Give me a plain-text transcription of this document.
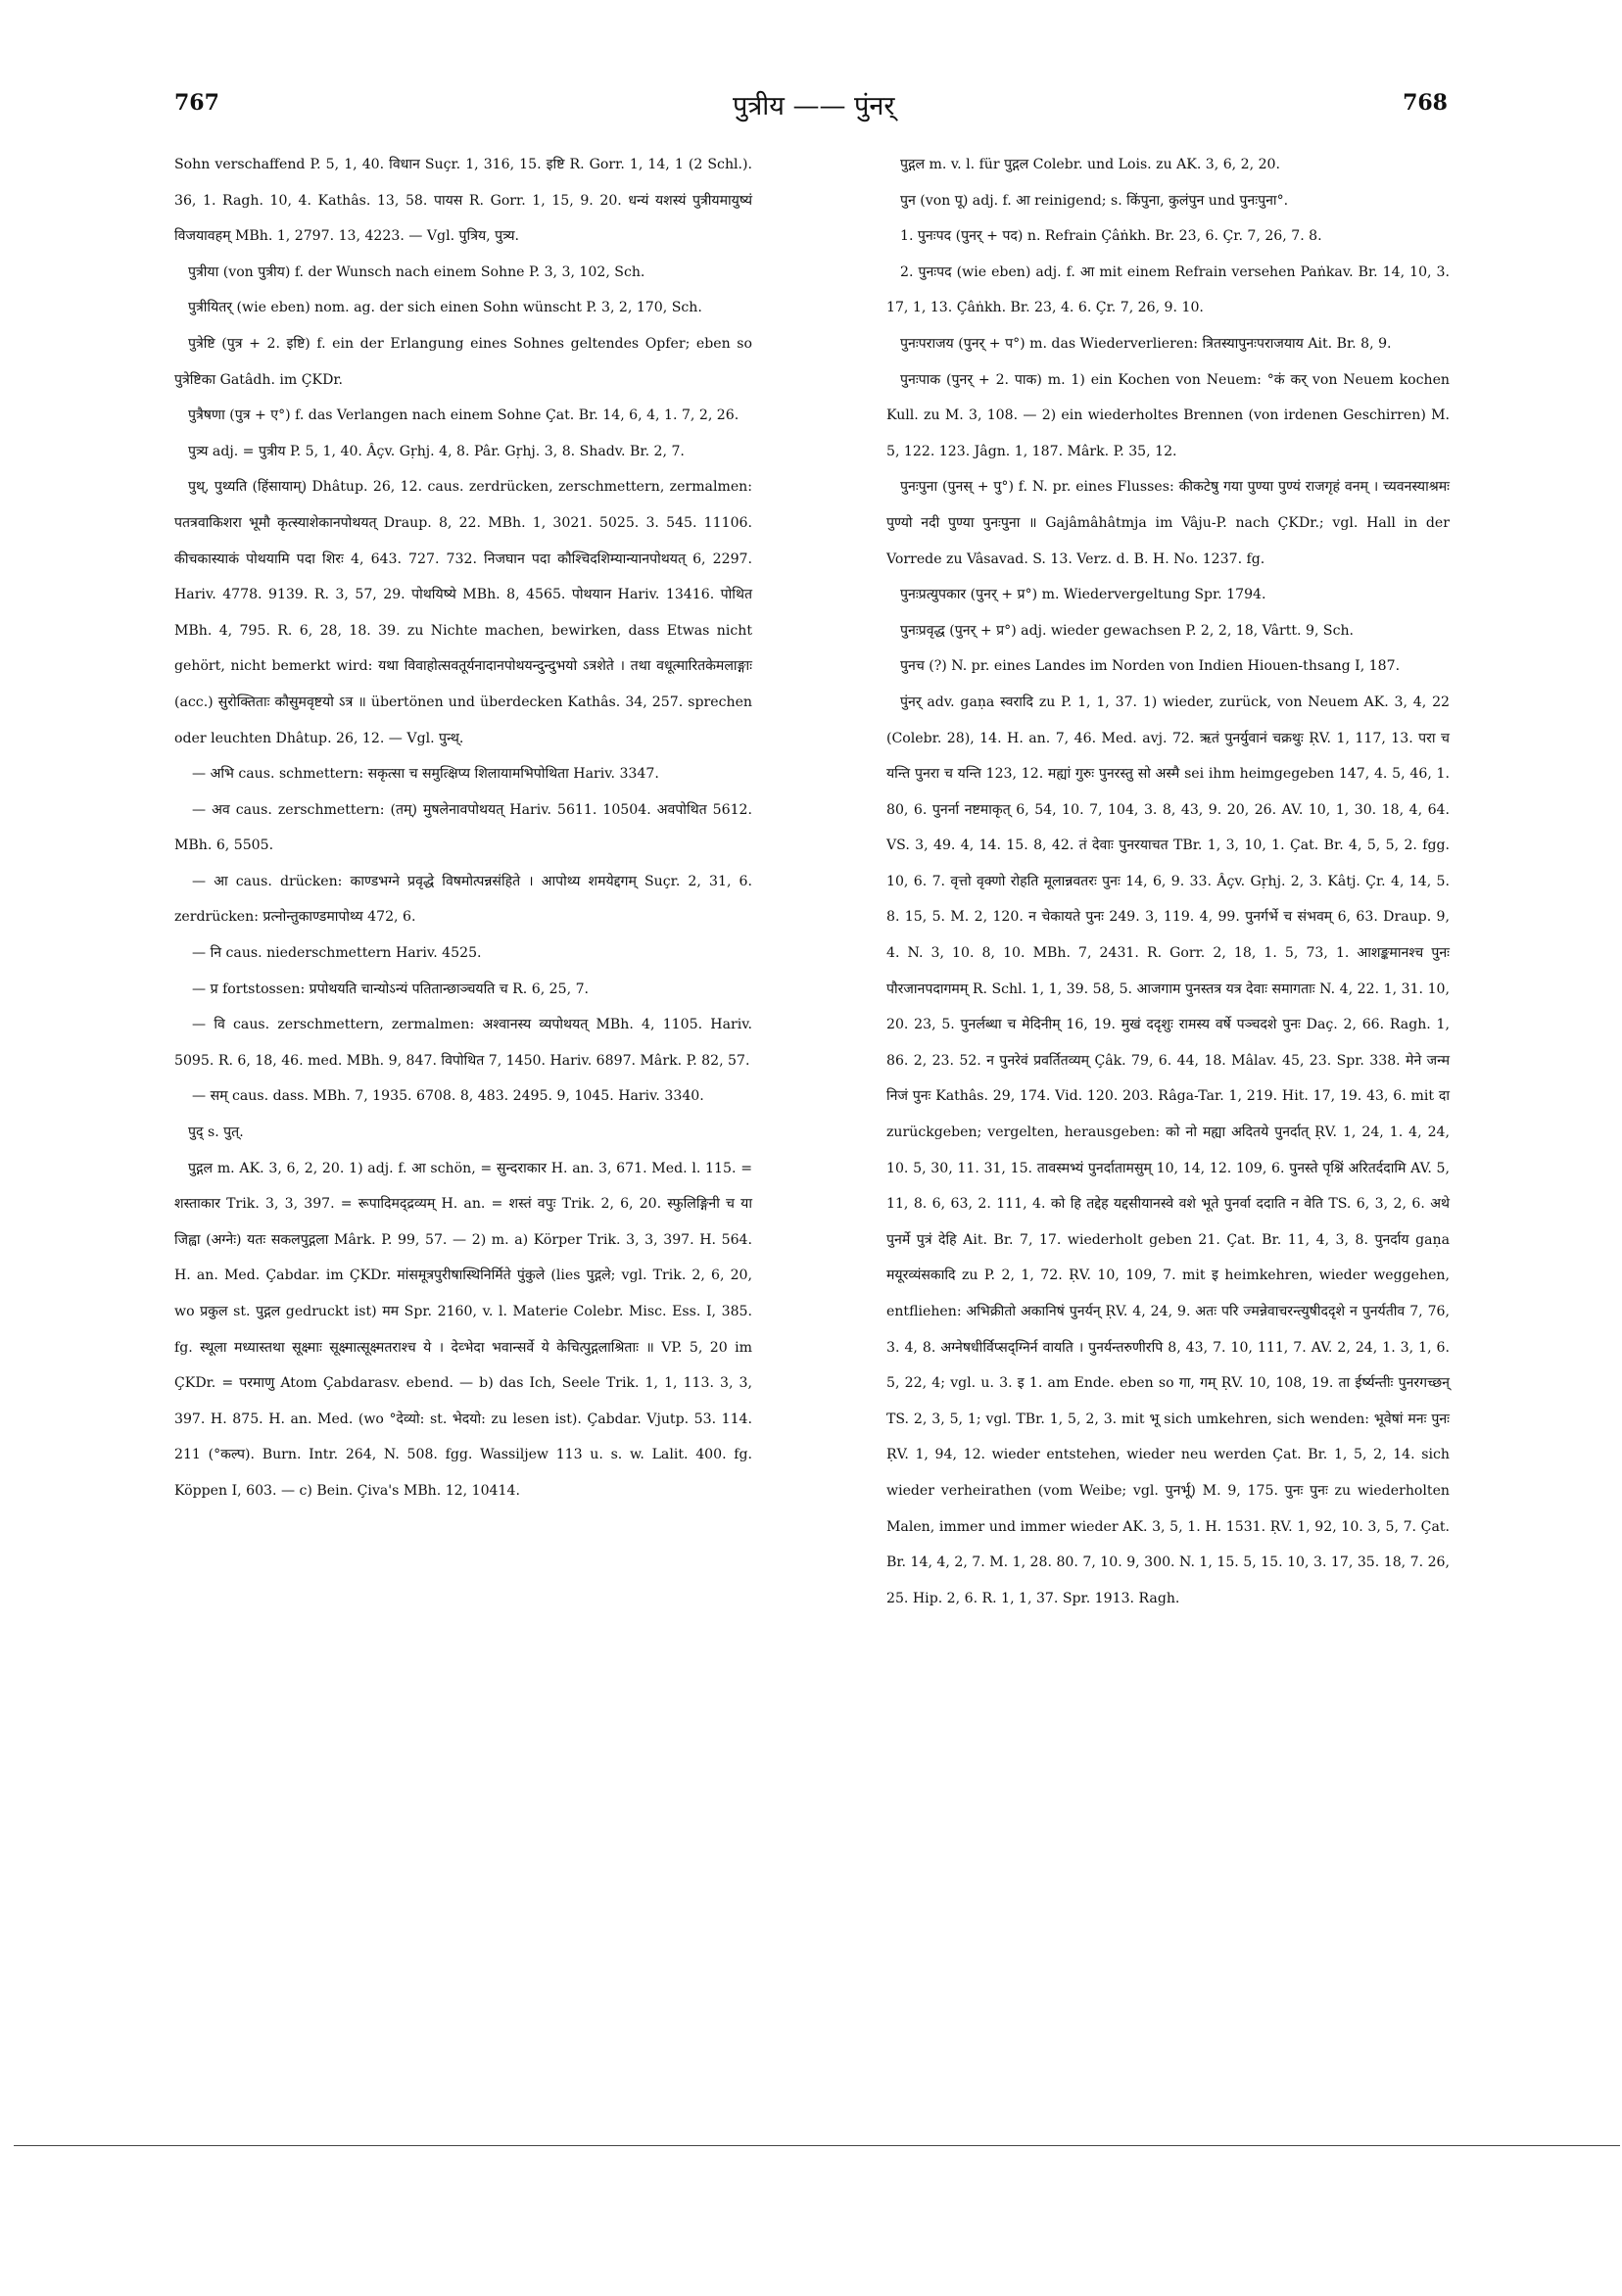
767	पुत्रीय —— पुंनर्	768

Sohn verschaffend P. 5, 1, 40. विधान Suçr. 1, 316, 15. इष्टि R. Gorr. 1, 14, 1 (2 Schl.). 36, 1. Ragh. 10, 4. Kathâs. 13, 58. पायस R. Gorr. 1, 15, 9. 20. धन्यं यशस्यं पुत्रीयमायुष्यं विजयावहम् MBh. 1, 2797. 13, 4223. — Vgl. पुत्रिय, पुत्र्य.

पुत्रीया (von पुत्रीय) f. der Wunsch nach einem Sohne P. 3, 3, 102, Sch.

पुत्रीयितर् (wie eben) nom. ag. der sich einen Sohn wünscht P. 3, 2, 170, Sch.

पुत्रेष्टि (पुत्र + 2. इष्टि) f. ein der Erlangung eines Sohnes geltendes Opfer; eben so पुत्रेष्टिका Gatâdh. im ÇKDr.

पुत्रैषणा (पुत्र + ए°) f. das Verlangen nach einem Sohne Çat. Br. 14, 6, 4, 1. 7, 2, 26.

पुत्र्य adj. = पुत्रीय P. 5, 1, 40. Âçv. Gṛhj. 4, 8. Pâr. Gṛhj. 3, 8. Shadv. Br. 2, 7.

पुथ्, पुथ्यति (हिंसायाम्) Dhâtup. 26, 12. caus. zerdrücken, zerschmettern, zermalmen: पतत्रवाकिशरा भूमौ कृत्स्याशेकानपोथयत् Draup. 8, 22. MBh. 1, 3021. 5025. 3. 545. 11106. कीचकास्याकं पोथयामि पदा शिरः 4, 643. 727. 732. निजघान पदा कौश्चिदशिम्यान्यानपोथयत् 6, 2297. Hariv. 4778. 9139. R. 3, 57, 29. पोथयिष्ये MBh. 8, 4565. पोथयान Hariv. 13416. पोथित MBh. 4, 795. R. 6, 28, 18. 39. zu Nichte machen, bewirken, dass Etwas nicht gehört, nicht bemerkt wird: यथा विवाहोत्सवतूर्यनादानपोथयन्दुन्दुभयो ऽत्रशेते । तथा वधूत्मारितकेमलाङ्गाः (acc.) सुरोक्तिताः कौसुमवृष्टयो ऽत्र ॥ übertönen und überdecken Kathâs. 34, 257. sprechen oder leuchten Dhâtup. 26, 12. — Vgl. पुन्थ्.

— अभि caus. schmettern: सकृत्सा च समुत्क्षिप्य शिलायामभिपोथिता Hariv. 3347.

— अव caus. zerschmettern: (तम्) मुषलेनावपोथयत् Hariv. 5611. 10504. अवपोथित 5612. MBh. 6, 5505.

— आ caus. drücken: काण्डभग्ने प्रवृद्धे विषमोत्पन्नसंहिते । आपोथ्य शमयेद्दगम् Suçr. 2, 31, 6. zerdrücken: प्रत्नोन्तुकाण्डमापोथ्य 472, 6.

— नि caus. niederschmettern Hariv. 4525.

— प्र fortstossen: प्रपोथयति चान्योऽन्यं पतितान्छाञ्चयति च R. 6, 25, 7.

— वि caus. zerschmettern, zermalmen: अश्वानस्य व्यपोथयत् MBh. 4, 1105. Hariv. 5095. R. 6, 18, 46. med. MBh. 9, 847. विपोथित 7, 1450. Hariv. 6897. Mârk. P. 82, 57.

— सम् caus. dass. MBh. 7, 1935. 6708. 8, 483. 2495. 9, 1045. Hariv. 3340.

पुद् s. पुत्.

पुद्गल m. AK. 3, 6, 2, 20. 1) adj. f. आ schön, = सुन्दराकार H. an. 3, 671. Med. l. 115. = शस्ताकार Trik. 3, 3, 397. = रूपादिमद्द्रव्यम् H. an. = शस्तं वपुः Trik. 2, 6, 20. स्फुलिङ्गिनी च या जिह्वा (अग्नेः) यतः सकलपुद्गला Mârk. P. 99, 57. — 2) m. a) Körper Trik. 3, 3, 397. H. 564. H. an. Med. Çabdar. im ÇKDr. मांसमूत्रपुरीषास्थिनिर्मिते पुंकुले (lies पुद्गले; vgl. Trik. 2, 6, 20, wo प्रकुल st. पुद्गल gedruckt ist) मम Spr. 2160, v. l. Materie Colebr. Misc. Ess. I, 385. fg. स्थूला मध्यास्तथा सूक्ष्माः सूक्ष्मात्सूक्ष्मतराश्च ये । देव्भेदा भवान्सर्वे ये केचित्पुद्गलाश्रिताः ॥ VP. 5, 20 im ÇKDr. = परमाणु Atom Çabdarasv. ebend. — b) das Ich, Seele Trik. 1, 1, 113. 3, 3, 397. H. 875. H. an. Med. (wo °देव्यो: st. भेदयो: zu lesen ist). Çabdar. Vjutp. 53. 114. 211 (°कल्प). Burn. Intr. 264, N. 508. fgg. Wassiljew 113 u. s. w. Lalit. 400. fg. Köppen I, 603. — c) Bein. Çiva's MBh. 12, 10414.

पुद्गल m. v. l. für पुद्गल Colebr. und Lois. zu AK. 3, 6, 2, 20.

पुन (von पू) adj. f. आ reinigend; s. किंपुना, कुलंपुन und पुनःपुना°.

1. पुनःपद (पुनर् + पद) n. Refrain Çâṅkh. Br. 23, 6. Çr. 7, 26, 7. 8.

2. पुनःपद (wie eben) adj. f. आ mit einem Refrain versehen Paṅkav. Br. 14, 10, 3. 17, 1, 13. Çâṅkh. Br. 23, 4. 6. Çr. 7, 26, 9. 10.

पुनःपराजय (पुनर् + प°) m. das Wiederverlieren: त्रितस्यापुनःपराजयाय Ait. Br. 8, 9.

पुनःपाक (पुनर् + 2. पाक) m. 1) ein Kochen von Neuem: °कं कर् von Neuem kochen Kull. zu M. 3, 108. — 2) ein wiederholtes Brennen (von irdenen Geschirren) M. 5, 122. 123. Jâgn. 1, 187. Mârk. P. 35, 12.

पुनःपुना (पुनस् + पु°) f. N. pr. eines Flusses: कीकटेषु गया पुण्या पुण्यं राजगृहं वनम् । च्यवनस्याश्रमः पुण्यो नदी पुण्या पुनःपुना ॥ Gajâmâhâtmja im Vâju-P. nach ÇKDr.; vgl. Hall in der Vorrede zu Vâsavad. S. 13. Verz. d. B. H. No. 1237. fg.

पुनःप्रत्युपकार (पुनर् + प्र°) m. Wiedervergeltung Spr. 1794.

पुनःप्रवृद्ध (पुनर् + प्र°) adj. wieder gewachsen P. 2, 2, 18, Vârtt. 9, Sch.

पुनच (?) N. pr. eines Landes im Norden von Indien Hiouen-thsang I, 187.

पुंनर् adv. gaṇa स्वरादि zu P. 1, 1, 37. 1) wieder, zurück, von Neuem AK. 3, 4, 22 (Colebr. 28), 14. H. an. 7, 46. Med. avj. 72. ऋतं पुनर्युवानं चक्रथुः ṚV. 1, 117, 13. परा च यन्ति पुनरा च यन्ति 123, 12. मह्यां गुरुः पुनरस्तु सो अस्मै sei ihm heimgegeben 147, 4. 5, 46, 1. 80, 6. पुनर्ना नष्टमाकृत् 6, 54, 10. 7, 104, 3. 8, 43, 9. 20, 26. AV. 10, 1, 30. 18, 4, 64. VS. 3, 49. 4, 14. 15. 8, 42. तं देवाः पुनरयाचत TBr. 1, 3, 10, 1. Çat. Br. 4, 5, 5, 2. fgg. 10, 6. 7. वृत्तो वृक्णो रोहति मूलान्नवतरः पुनः 14, 6, 9. 33. Âçv. Gṛhj. 2, 3. Kâtj. Çr. 4, 14, 5. 8. 15, 5. M. 2, 120. न चेकायते पुनः 249. 3, 119. 4, 99. पुनर्गर्भे च संभवम् 6, 63. Draup. 9, 4. N. 3, 10. 8, 10. MBh. 7, 2431. R. Gorr. 2, 18, 1. 5, 73, 1. आशङ्कमानश्च पुनः पौरजानपदागमम् R. Schl. 1, 1, 39. 58, 5. आजगाम पुनस्तत्र यत्र देवाः समागताः N. 4, 22. 1, 31. 10, 20. 23, 5. पुनर्लब्धा च मेदिनीम् 16, 19. मुखं ददृशुः रामस्य वर्षे पञ्चदशे पुनः Daç. 2, 66. Ragh. 1, 86. 2, 23. 52. न पुनरेवं प्रवर्तितव्यम् Çâk. 79, 6. 44, 18. Mâlav. 45, 23. Spr. 338. मेने जन्म निजं पुनः Kathâs. 29, 174. Vid. 120. 203. Râga-Tar. 1, 219. Hit. 17, 19. 43, 6. mit दा zurückgeben; vergelten, herausgeben: को नो मह्या अदितये पुनर्दात् ṚV. 1, 24, 1. 4, 24, 10. 5, 30, 11. 31, 15. तावस्मभ्यं पुनर्दातामसुम् 10, 14, 12. 109, 6. पुनस्ते पृश्निं अरितर्ददामि AV. 5, 11, 8. 6, 63, 2. 111, 4. को हि तद्देह यद्दसीयानस्वे वशे भूते पुनर्वा ददाति न वेति TS. 6, 3, 2, 6. अथे पुनर्मे पुत्रं देहि Ait. Br. 7, 17. wiederholt geben 21. Çat. Br. 11, 4, 3, 8. पुनर्दाय gaṇa मयूरव्यंसकादि zu P. 2, 1, 72. ṚV. 10, 109, 7. mit इ heimkehren, wieder weggehen, entfliehen: अभिक्रीतो अकानिषं पुनर्यन् ṚV. 4, 24, 9. अतः परि ज्मन्नेवाचरन्त्युषीददृशे न पुनर्यतीव 7, 76, 3. 4, 8. अग्नेषधीर्विप्सद्ग्निर्न वायति । पुनर्यन्तरुणीरपि 8, 43, 7. 10, 111, 7. AV. 2, 24, 1. 3, 1, 6. 5, 22, 4; vgl. u. 3. इ 1. am Ende. eben so गा, गम् ṚV. 10, 108, 19. ता ईर्ष्यन्तीः पुनरगच्छन् TS. 2, 3, 5, 1; vgl. TBr. 1, 5, 2, 3. mit भू sich umkehren, sich wenden: भूवेषां मनः पुनः ṚV. 1, 94, 12. wieder entstehen, wieder neu werden Çat. Br. 1, 5, 2, 14. sich wieder verheirathen (vom Weibe; vgl. पुनर्भू) M. 9, 175. पुनः पुनः zu wiederholten Malen, immer und immer wieder AK. 3, 5, 1. H. 1531. ṚV. 1, 92, 10. 3, 5, 7. Çat. Br. 14, 4, 2, 7. M. 1, 28. 80. 7, 10. 9, 300. N. 1, 15. 5, 15. 10, 3. 17, 35. 18, 7. 26, 25. Hip. 2, 6. R. 1, 1, 37. Spr. 1913. Ragh.
